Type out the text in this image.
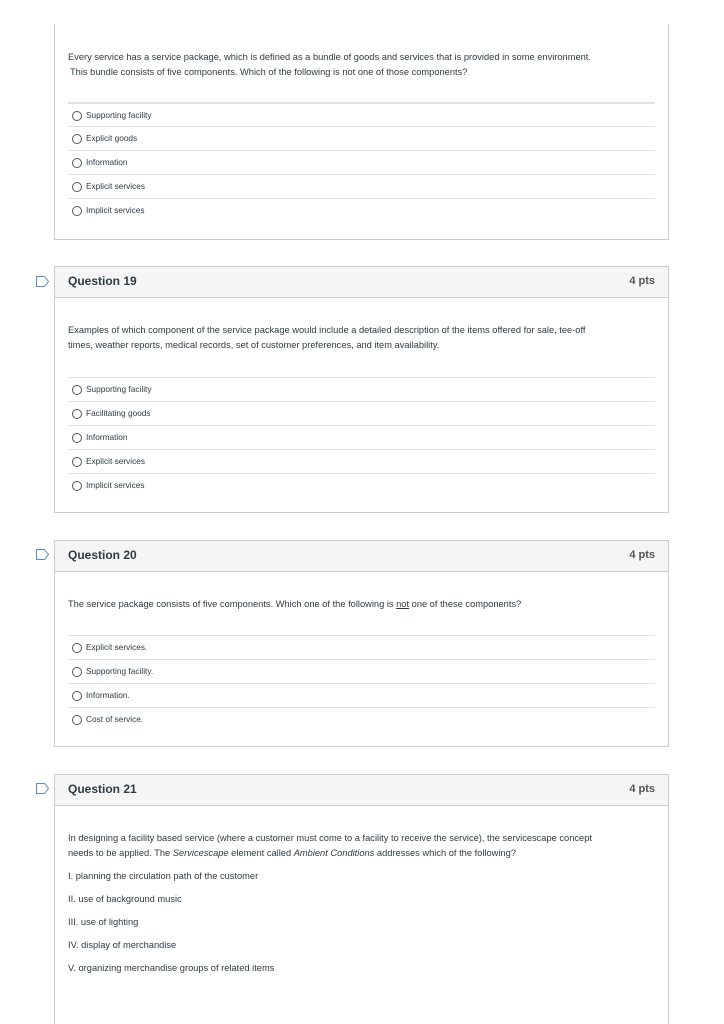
Every service has a service package, which is defined as a bundle of goods and services that is provided in some environment.
This bundle consists of five components. Which of the following is not one of those components?
Supporting facility
Explicit goods
Information
Explicit services
Implicit services
Question 19	4 pts
Examples of which component of the service package would include a detailed description of the items offered for sale, tee-off
times, weather reports, medical records, set of customer preferences, and item availability.
Supporting facility
Facilitating goods
Information
Explicit services
Implicit services
Question 20	4 pts
The service package consists of five components. Which one of the following is not one of these components?
Explicit services.
Supporting facility.
Information.
Cost of service.
Question 21	4 pts
In designing a facility based service (where a customer must come to a facility to receive the service), the servicescape concept
needs to be applied. The Servicescape element called Ambient Conditions addresses which of the following?
I. planning the circulation path of the customer
II. use of background music
III. use of lighting
IV. display of merchandise
V. organizing merchandise groups of related items
